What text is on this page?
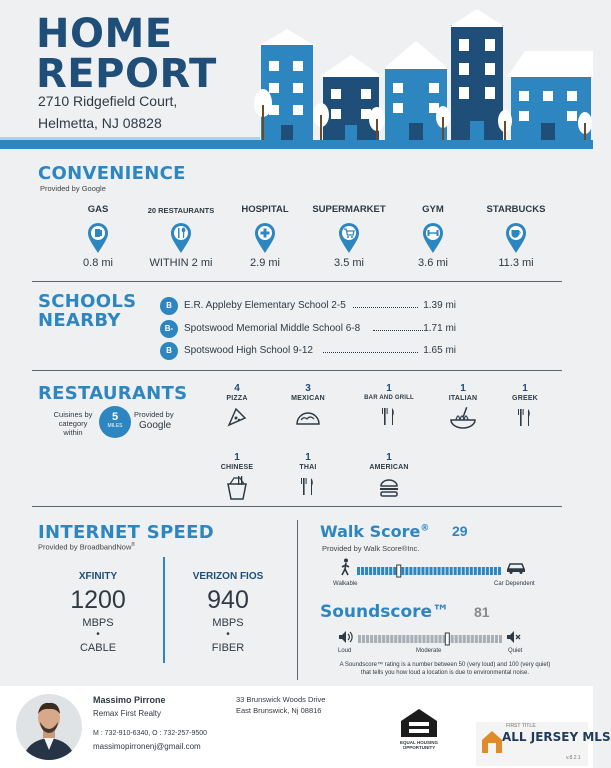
HOME
REPORT
2710 Ridgefield Court,
Helmetta, NJ 08828
CONVENIENCE
Provided by Google
GAS
0.8 mi
20 RESTAURANTS
WITHIN 2 mi
HOSPITAL
2.9 mi
SUPERMARKET
3.5 mi
GYM
3.6 mi
STARBUCKS
11.3 mi
SCHOOLS
NEARBY
B	E.R. Appleby Elementary School 2-5	1.39 mi
B-	Spotswood Memorial Middle School 6-8	1.71 mi
B	Spotswood High School 9-12	1.65 mi
RESTAURANTS
Cuisines by
category
within
5
MILES
Provided by
Google
4
PIZZA
3
MEXICAN
1
BAR AND GRILL
1
ITALIAN
1
GREEK
1
CHINESE
1
THAI
1
AMERICAN
INTERNET SPEED
Provided by BroadbandNow®
XFINITY
1200
MBPS
•
CABLE
VERIZON FIOS
940
MBPS
•
FIBER
Walk Score® 29
Provided by Walk Score®Inc.
Walkable	Car Dependent
Soundscore™ 81
Loud	Moderate	Quiet
A Soundscore™ rating is a number between 50 (very loud) and 100 (very quiet)
that tells you how loud a location is due to environmental noise.
Massimo Pirrone
Remax First Realty
M : 732-910-6340, O : 732-257-9500
massimopirronenj@gmail.com
33 Brunswick Woods Drive
East Brunswick, Nj 08816
EQUAL HOUSING
OPPORTUNITY
FIRST TITLE
ALL JERSEY MLS
v.8.2.1
